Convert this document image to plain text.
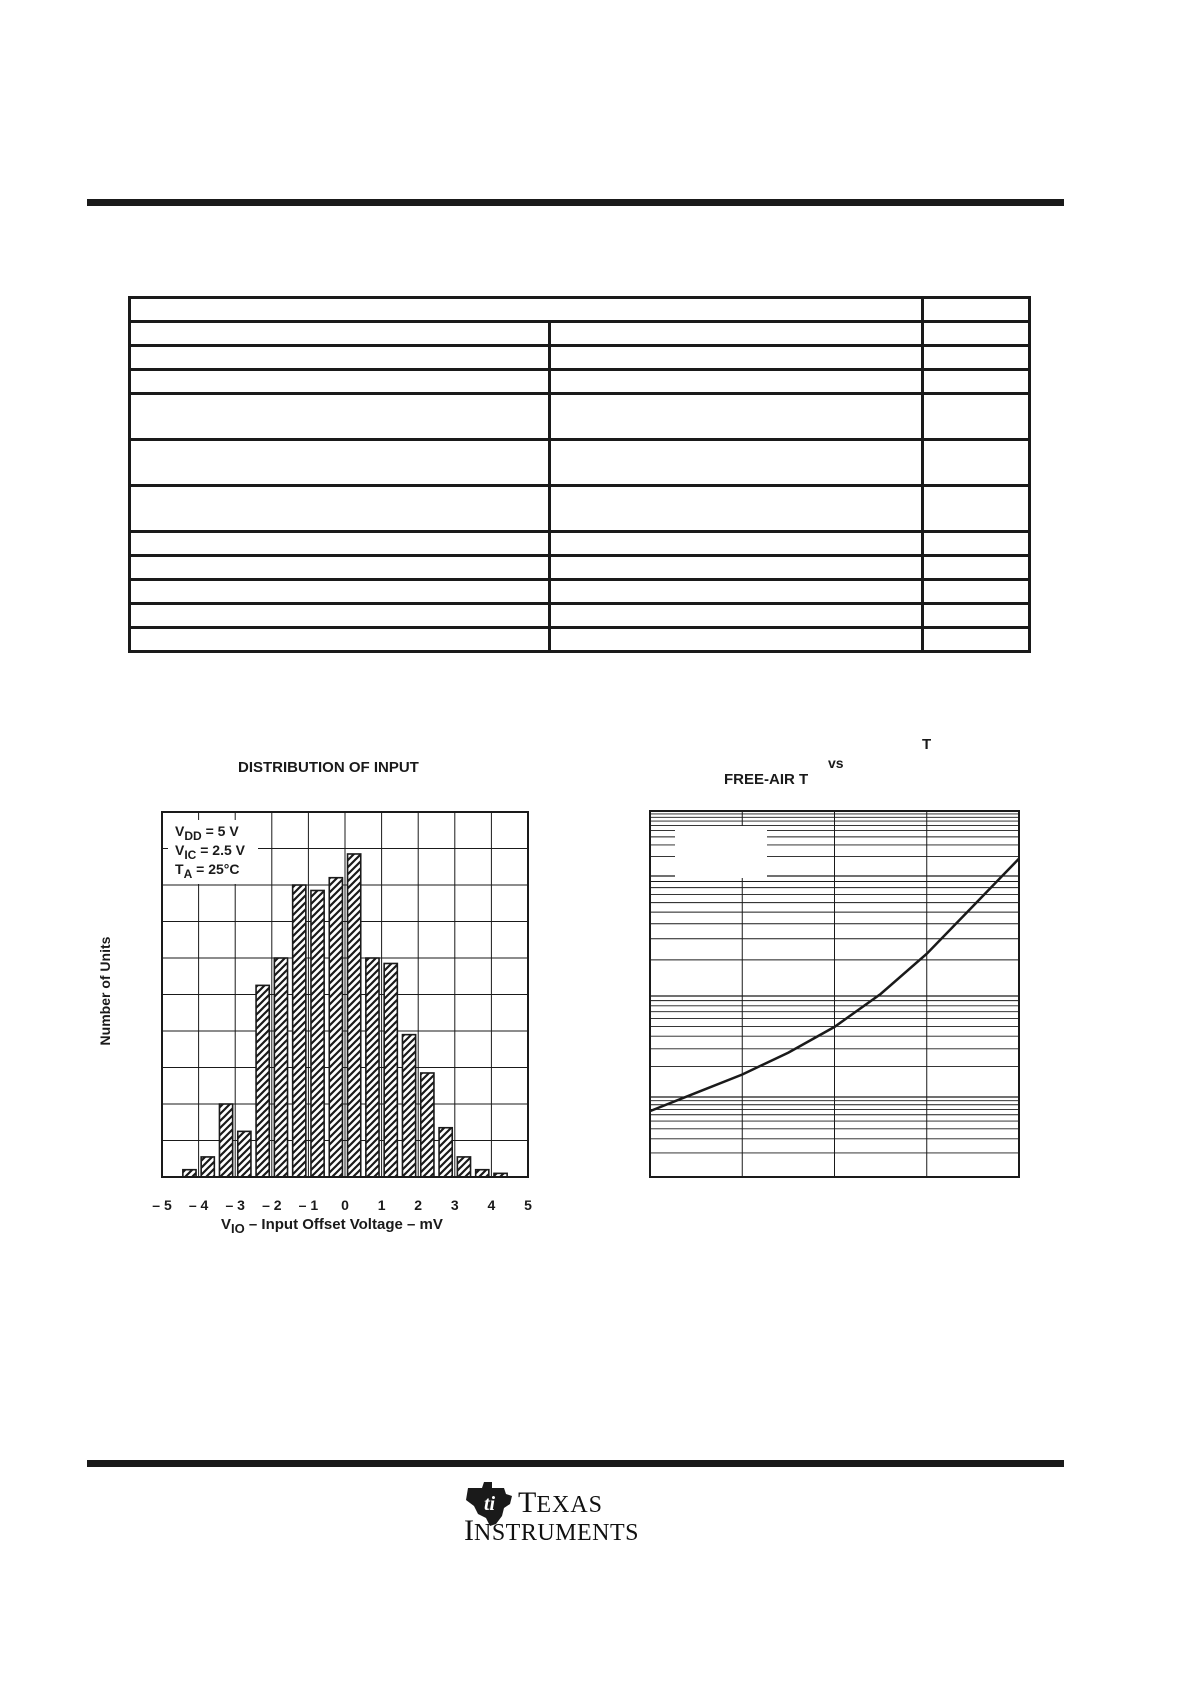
DISTRIBUTION OF INPUT
$V_{DD} = 5$ V
$V_{IC} = 2.5$ V
$T_A = 25^\circ C$
– 5 – 4 – 3 – 2 – 1 0 1 2 3 4 5
$V_{IO}$ – Input Offset Voltage – mV
Number of Units
T
vs
FREE-AIR T
ti TEXAS
INSTRUMENTS
